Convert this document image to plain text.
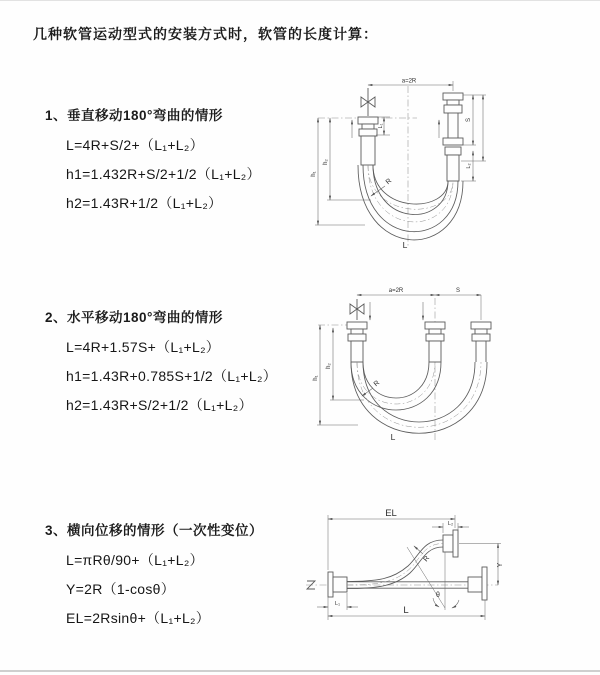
几种软管运动型式的安装方式时，软管的长度计算：
1、垂直移动180°弯曲的情形
L=4R+S/2+（L₁+L₂）
h1=1.432R+S/2+1/2（L₁+L₂）
h2=1.43R+1/2（L₁+L₂）
a=2R
h₁
h₂
L₁
S
L₂
R
L
2、水平移动180°弯曲的情形
L=4R+1.57S+（L₁+L₂）
h1=1.43R+0.785S+1/2（L₁+L₂）
h2=1.43R+S/2+1/2（L₁+L₂）
a=2R	S
h₁
h₂
R
L
3、横向位移的情形（一次性变位）
L=πRθ/90+（L₁+L₂）
Y=2R（1-cosθ）
EL=2Rsinθ+（L₁+L₂）
EL
L₂
Y
θ
R
L
L₁
